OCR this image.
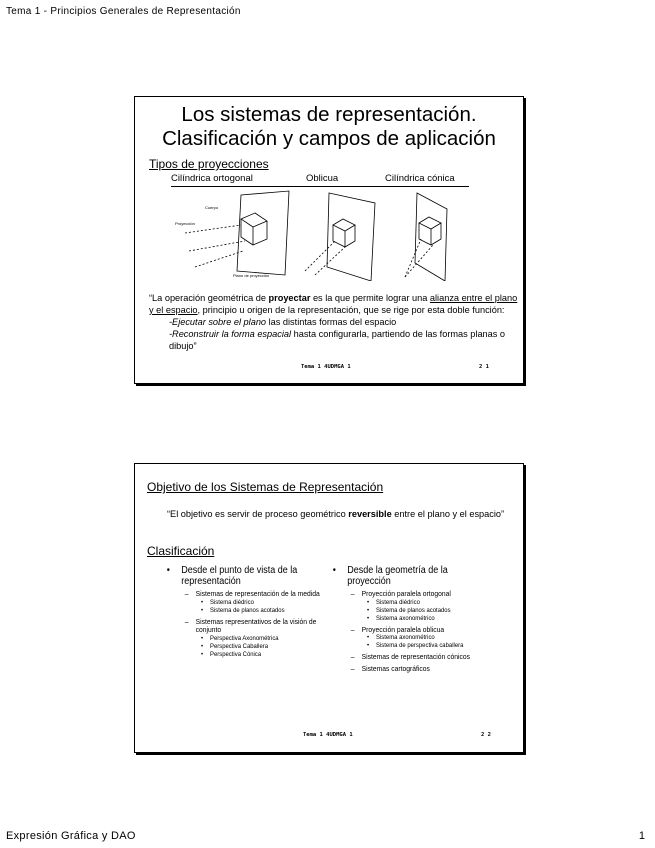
Tema 1 - Principios Generales de Representación
Los sistemas de representación.
Clasificación y campos de aplicación
Tipos de proyecciones
Cilíndrica ortogonal	Oblicua	Cilíndrica cónica
Cuerpo
Proyección
Plano de proyección
“La operación geométrica de proyectar es la que permite lograr una alianza entre el plano y el espacio, principio u origen de la representación, que se rige por esta doble función:
-Ejecutar sobre el plano las distintas formas del espacio
-Reconstruir la forma espacial hasta configurarla, partiendo de las formas planas o dibujo”
Tema 1 4UDMGA 1	2 1
Objetivo de los Sistemas de Representación
“El objetivo es servir de proceso geométrico reversible entre el plano y el espacio”
Clasificación
• Desde el punto de vista de la representación
– Sistemas de representación de la medida
• Sistema diédrico
• Sistema de planos acotados
– Sistemas representativos de la visión de conjunto
• Perspectiva Axonométrica
• Perspectiva Caballera
• Perspectiva Cónica
• Desde la geometría de la proyección
– Proyección paralela ortogonal
• Sistema diédrico
• Sistema de planos acotados
• Sistema axonométrico
– Proyección paralela oblicua
• Sistema axonométrico
• Sistema de perspectiva caballera
– Sistemas de representación cónicos
– Sistemas cartográficos
Tema 1 4UDMGA 1	2 2
Expresión Gráfica y DAO	1
